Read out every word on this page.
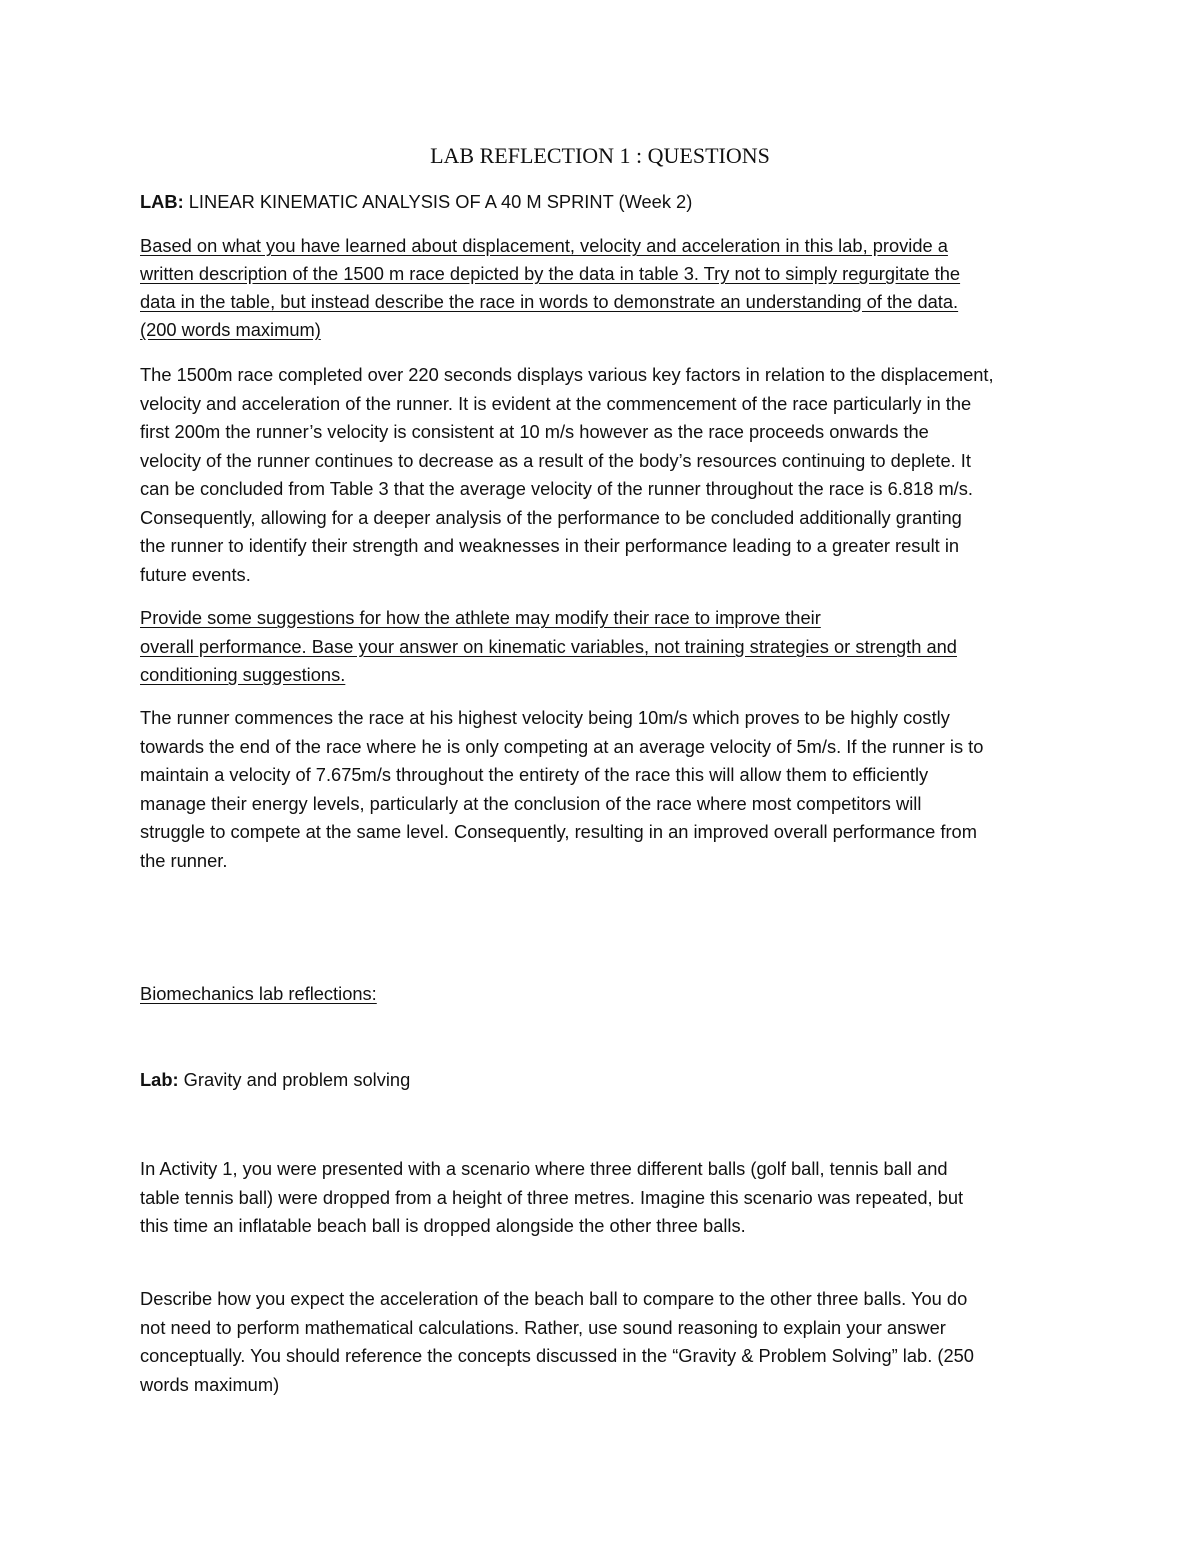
LAB REFLECTION 1 : QUESTIONS
LAB: LINEAR KINEMATIC ANALYSIS OF A 40 M SPRINT (Week 2)
Based on what you have learned about displacement, velocity and acceleration in this lab, provide a
written description of the 1500 m race depicted by the data in table 3. Try not to simply regurgitate the
data in the table, but instead describe the race in words to demonstrate an understanding of the data.
(200 words maximum)
The 1500m race completed over 220 seconds displays various key factors in relation to the displacement,
velocity and acceleration of the runner. It is evident at the commencement of the race particularly in the
first 200m the runner’s velocity is consistent at 10 m/s however as the race proceeds onwards the
velocity of the runner continues to decrease as a result of the body’s resources continuing to deplete. It
can be concluded from Table 3 that the average velocity of the runner throughout the race is 6.818 m/s.
Consequently, allowing for a deeper analysis of the performance to be concluded additionally granting
the runner to identify their strength and weaknesses in their performance leading to a greater result in
future events.
Provide some suggestions for how the athlete may modify their race to improve their
overall performance. Base your answer on kinematic variables, not training strategies or strength and
conditioning suggestions.
The runner commences the race at his highest velocity being 10m/s which proves to be highly costly
towards the end of the race where he is only competing at an average velocity of 5m/s. If the runner is to
maintain a velocity of 7.675m/s throughout the entirety of the race this will allow them to efficiently
manage their energy levels, particularly at the conclusion of the race where most competitors will
struggle to compete at the same level. Consequently, resulting in an improved overall performance from
the runner.
Biomechanics lab reflections:
Lab: Gravity and problem solving
In Activity 1, you were presented with a scenario where three different balls (golf ball, tennis ball and
table tennis ball) were dropped from a height of three metres. Imagine this scenario was repeated, but
this time an inflatable beach ball is dropped alongside the other three balls.
Describe how you expect the acceleration of the beach ball to compare to the other three balls. You do
not need to perform mathematical calculations. Rather, use sound reasoning to explain your answer
conceptually. You should reference the concepts discussed in the “Gravity & Problem Solving” lab. (250
words maximum)
